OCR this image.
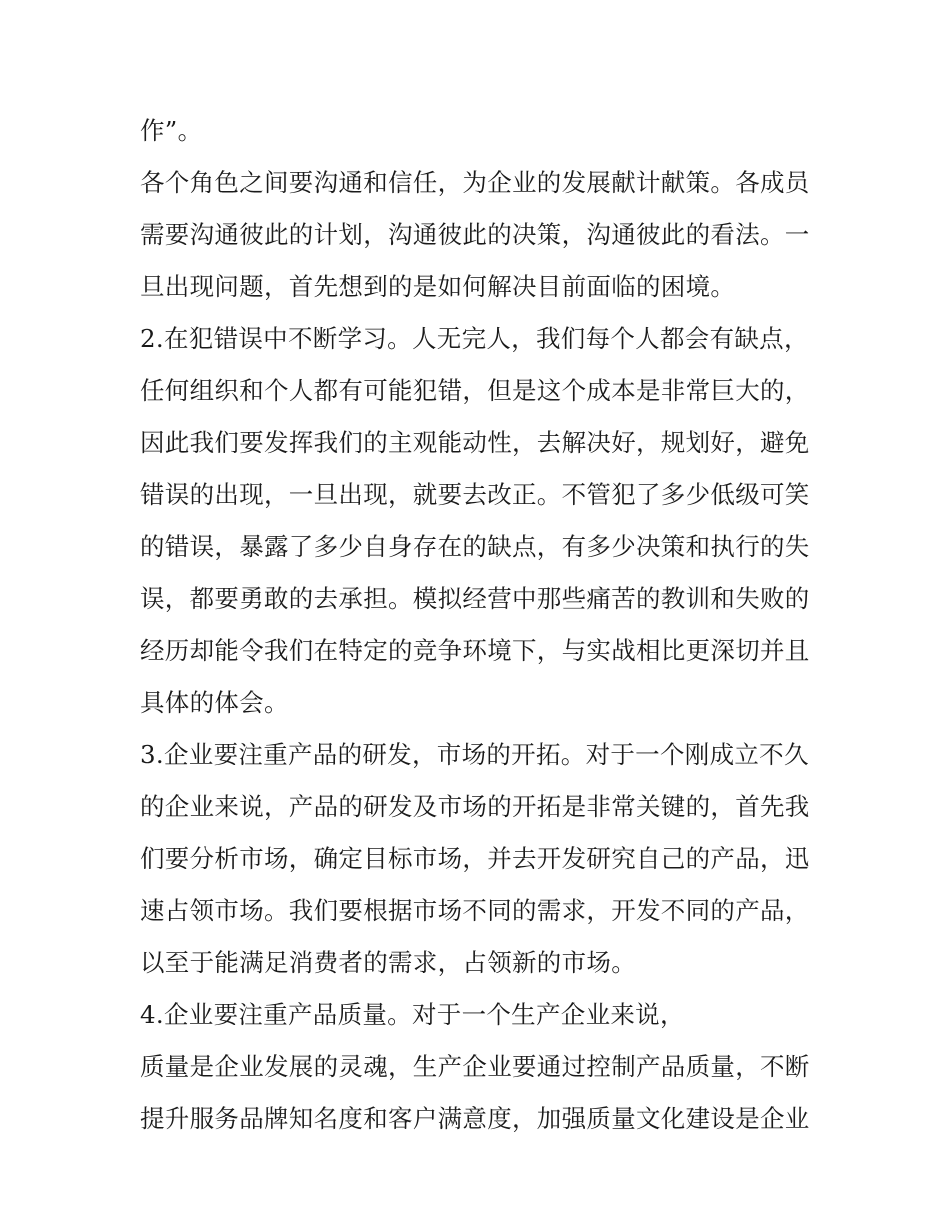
作”。
各个角色之间要沟通和信任，为企业的发展献计献策。各成员
需要沟通彼此的计划，沟通彼此的决策，沟通彼此的看法。一
旦出现问题，首先想到的是如何解决目前面临的困境。
2.在犯错误中不断学习。人无完人，我们每个人都会有缺点，
任何组织和个人都有可能犯错，但是这个成本是非常巨大的，
因此我们要发挥我们的主观能动性，去解决好，规划好，避免
错误的出现，一旦出现，就要去改正。不管犯了多少低级可笑
的错误，暴露了多少自身存在的缺点，有多少决策和执行的失
误，都要勇敢的去承担。模拟经营中那些痛苦的教训和失败的
经历却能令我们在特定的竞争环境下，与实战相比更深切并且
具体的体会。
3.企业要注重产品的研发，市场的开拓。对于一个刚成立不久
的企业来说，产品的研发及市场的开拓是非常关键的，首先我
们要分析市场，确定目标市场，并去开发研究自己的产品，迅
速占领市场。我们要根据市场不同的需求，开发不同的产品，
以至于能满足消费者的需求，占领新的市场。
4.企业要注重产品质量。对于一个生产企业来说，
质量是企业发展的灵魂，生产企业要通过控制产品质量，不断
提升服务品牌知名度和客户满意度，加强质量文化建设是企业
